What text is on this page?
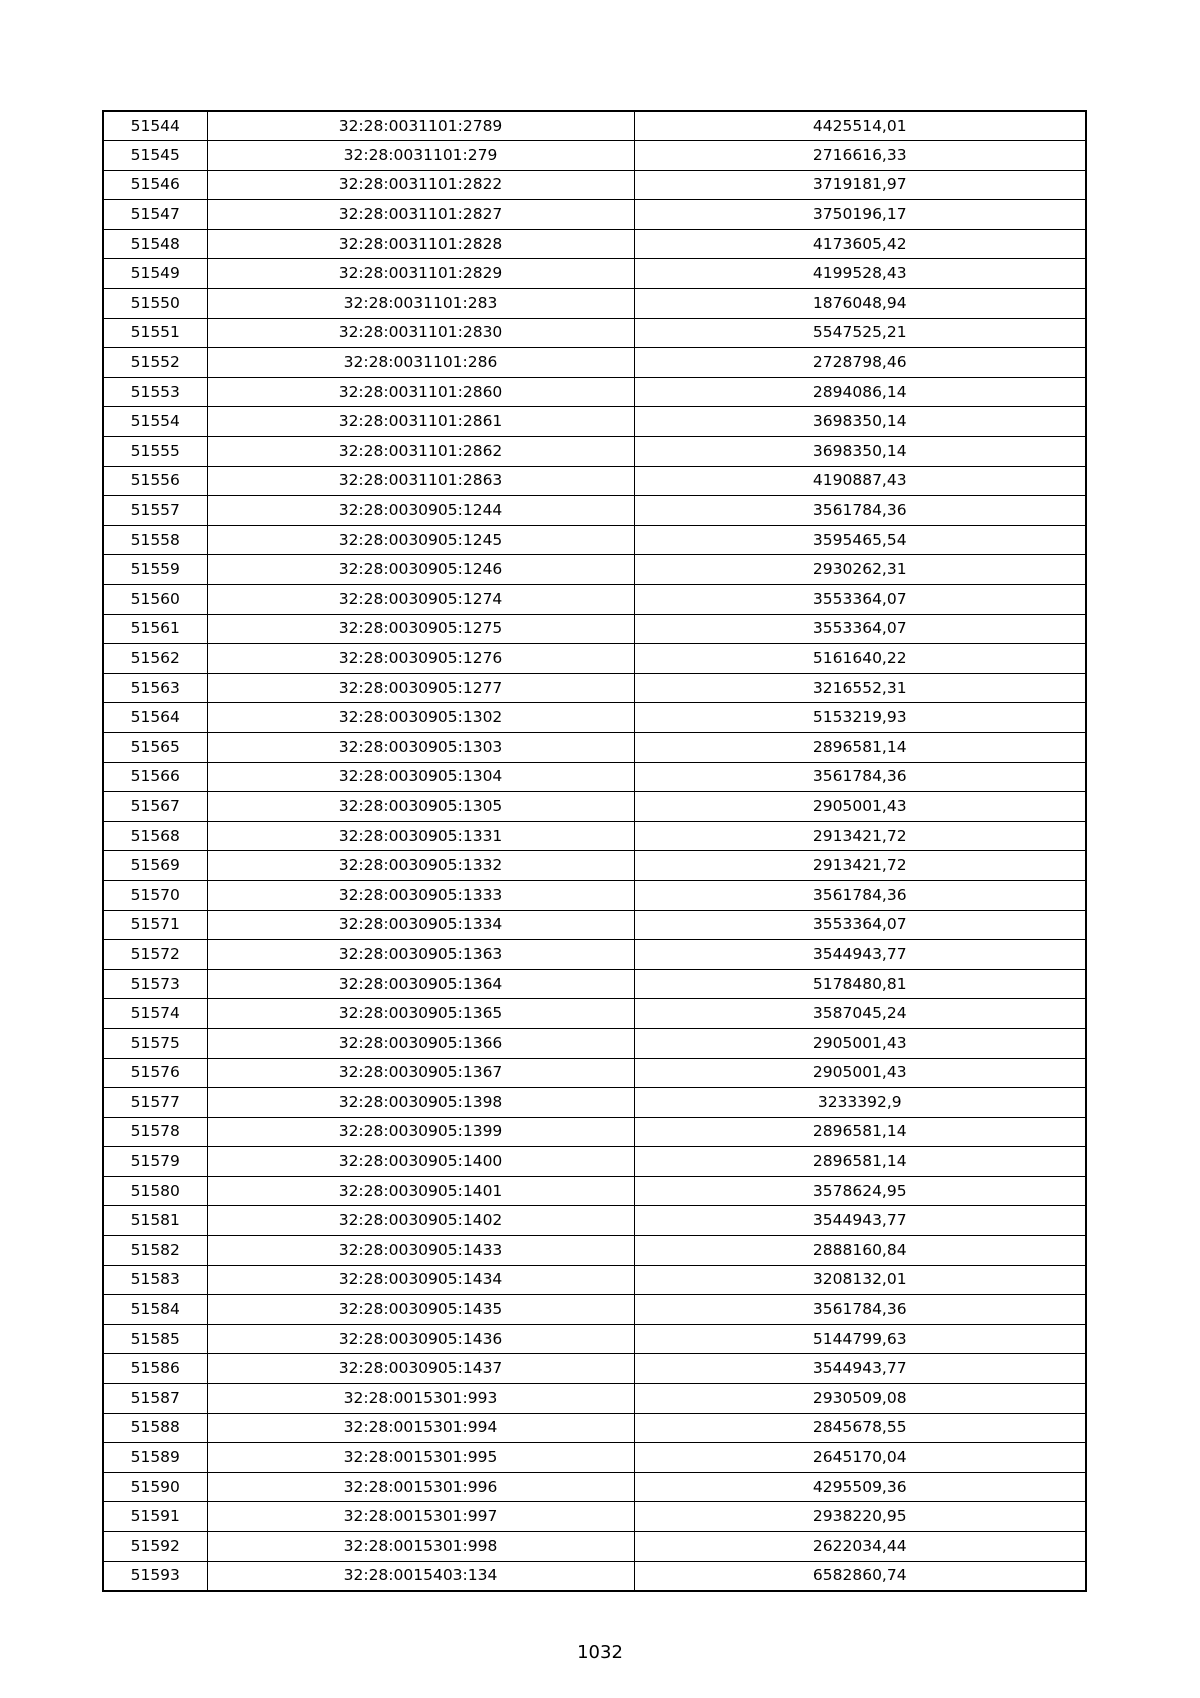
51544	32:28:0031101:2789	4425514,01
51545	32:28:0031101:279	2716616,33
51546	32:28:0031101:2822	3719181,97
51547	32:28:0031101:2827	3750196,17
51548	32:28:0031101:2828	4173605,42
51549	32:28:0031101:2829	4199528,43
51550	32:28:0031101:283	1876048,94
51551	32:28:0031101:2830	5547525,21
51552	32:28:0031101:286	2728798,46
51553	32:28:0031101:2860	2894086,14
51554	32:28:0031101:2861	3698350,14
51555	32:28:0031101:2862	3698350,14
51556	32:28:0031101:2863	4190887,43
51557	32:28:0030905:1244	3561784,36
51558	32:28:0030905:1245	3595465,54
51559	32:28:0030905:1246	2930262,31
51560	32:28:0030905:1274	3553364,07
51561	32:28:0030905:1275	3553364,07
51562	32:28:0030905:1276	5161640,22
51563	32:28:0030905:1277	3216552,31
51564	32:28:0030905:1302	5153219,93
51565	32:28:0030905:1303	2896581,14
51566	32:28:0030905:1304	3561784,36
51567	32:28:0030905:1305	2905001,43
51568	32:28:0030905:1331	2913421,72
51569	32:28:0030905:1332	2913421,72
51570	32:28:0030905:1333	3561784,36
51571	32:28:0030905:1334	3553364,07
51572	32:28:0030905:1363	3544943,77
51573	32:28:0030905:1364	5178480,81
51574	32:28:0030905:1365	3587045,24
51575	32:28:0030905:1366	2905001,43
51576	32:28:0030905:1367	2905001,43
51577	32:28:0030905:1398	3233392,9
51578	32:28:0030905:1399	2896581,14
51579	32:28:0030905:1400	2896581,14
51580	32:28:0030905:1401	3578624,95
51581	32:28:0030905:1402	3544943,77
51582	32:28:0030905:1433	2888160,84
51583	32:28:0030905:1434	3208132,01
51584	32:28:0030905:1435	3561784,36
51585	32:28:0030905:1436	5144799,63
51586	32:28:0030905:1437	3544943,77
51587	32:28:0015301:993	2930509,08
51588	32:28:0015301:994	2845678,55
51589	32:28:0015301:995	2645170,04
51590	32:28:0015301:996	4295509,36
51591	32:28:0015301:997	2938220,95
51592	32:28:0015301:998	2622034,44
51593	32:28:0015403:134	6582860,74
1032
